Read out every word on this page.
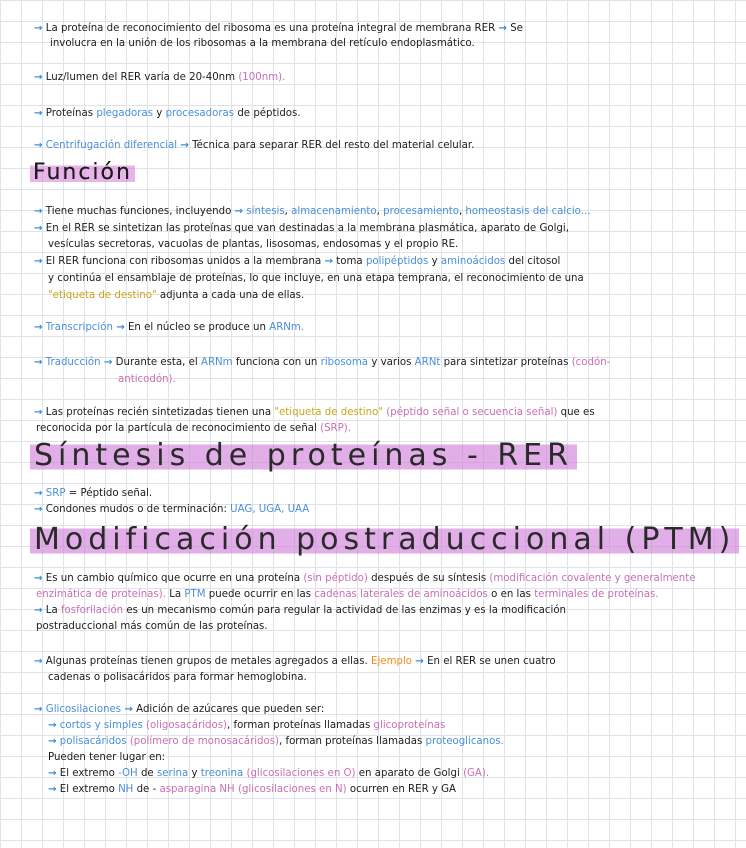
→ La proteína de reconocimiento del ribosoma es una proteína integral de membrana RER → Se
involucra en la unión de los ribosomas a la membrana del retículo endoplasmático.
→ Luz/lumen del RER varía de 20-40nm (100nm).
→ Proteínas plegadoras y procesadoras de péptidos.
→ Centrifugación diferencial → Técnica para separar RER del resto del material celular.
Función
→ Tiene muchas funciones, incluyendo → síntesis, almacenamiento, procesamiento, homeostasis del calcio...
→ En el RER se sintetizan las proteínas que van destinadas a la membrana plasmática, aparato de Golgi,
vesículas secretoras, vacuolas de plantas, lisosomas, endosomas y el propio RE.
→ El RER funciona con ribosomas unidos a la membrana → toma polipéptidos y aminoácidos del citosol
y continúa el ensamblaje de proteínas, lo que incluye, en una etapa temprana, el reconocimiento de una
"etiqueta de destino" adjunta a cada una de ellas.
→ Transcripción → En el núcleo se produce un ARNm.
→ Traducción → Durante esta, el ARNm funciona con un ribosoma y varios ARNt para sintetizar proteínas (codón-
anticodón).
→ Las proteínas recién sintetizadas tienen una "etiqueta de destino" (péptido señal o secuencia señal) que es
reconocida por la partícula de reconocimiento de señal (SRP).
Síntesis de proteínas - RER
→ SRP = Péptido señal.
→ Condones mudos o de terminación: UAG, UGA, UAA
Modificación postraduccional (PTM)
→ Es un cambio químico que ocurre en una proteína (sin péptido) después de su síntesis (modificación covalente y generalmente
enzimática de proteínas). La PTM puede ocurrir en las cadenas laterales de aminoácidos o en las terminales de proteínas.
→ La fosforilación es un mecanismo común para regular la actividad de las enzimas y es la modificación
postraduccional más común de las proteínas.
→ Algunas proteínas tienen grupos de metales agregados a ellas. Ejemplo → En el RER se unen cuatro
cadenas o polisacáridos para formar hemoglobina.
→ Glicosilaciones → Adición de azúcares que pueden ser:
→ cortos y simples (oligosacáridos), forman proteínas llamadas glicoproteínas
→ polisacáridos (polímero de monosacáridos), forman proteínas llamadas proteoglicanos.
Pueden tener lugar en:
→ El extremo -OH de serina y treonina (glicosilaciones en O) en aparato de Golgi (GA).
→ El extremo NH de - asparagina NH (glicosilaciones en N) ocurren en RER y GA
